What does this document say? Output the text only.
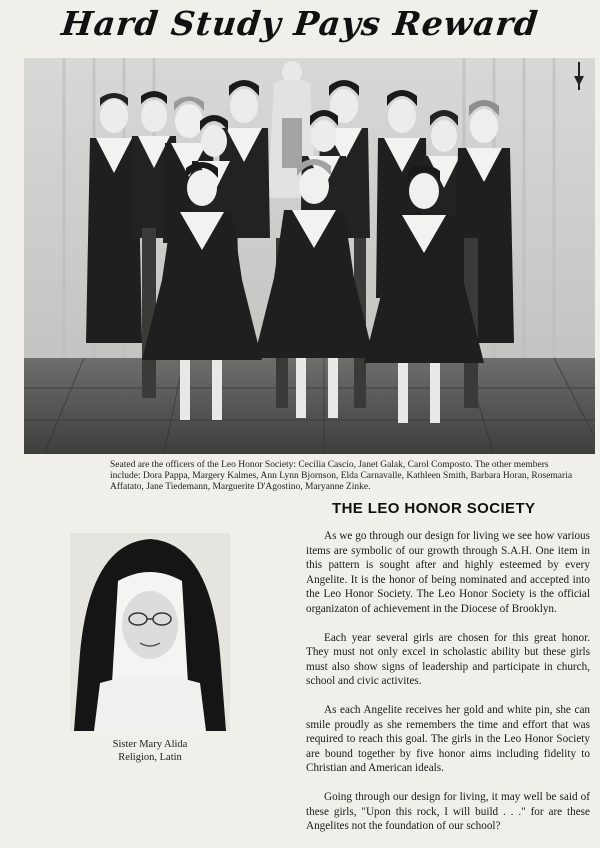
Hard Study Pays Reward
Seated are the officers of the Leo Honor Society: Cecilia Cascio, Janet Galak, Carol Composto. The other members include: Dora Pappa, Margery Kalmes, Ann Lynn Bjornson, Elda Carnavalle, Kathleen Smith, Barbara Horan, Rosemaria Affatato, Jane Tiedemann, Marguerite D'Agostino, Maryanne Zinke.
THE LEO HONOR SOCIETY

As we go through our design for living we see how various items are symbolic of our growth through S.A.H. One item in this pattern is sought after and highly esteemed by every Angelite. It is the honor of being nominated and accepted into the Leo Honor Society. The Leo Honor Society is the official organizaton of achievement in the Diocese of Brooklyn.

Each year several girls are chosen for this great honor. They must not only excel in scholastic ability but these girls must also show signs of leadership and participate in church, school and civic activites.

As each Angelite receives her gold and white pin, she can smile proudly as she remembers the time and effort that was required to reach this goal. The girls in the Leo Honor Society are bound together by five honor aims including fidelity to Christian and American ideals.

Going through our design for living, it may well be said of these girls, "Upon this rock, I will build . . ." for are these Angelites not the foundation of our school?

Sister Mary Alida
Religion, Latin
